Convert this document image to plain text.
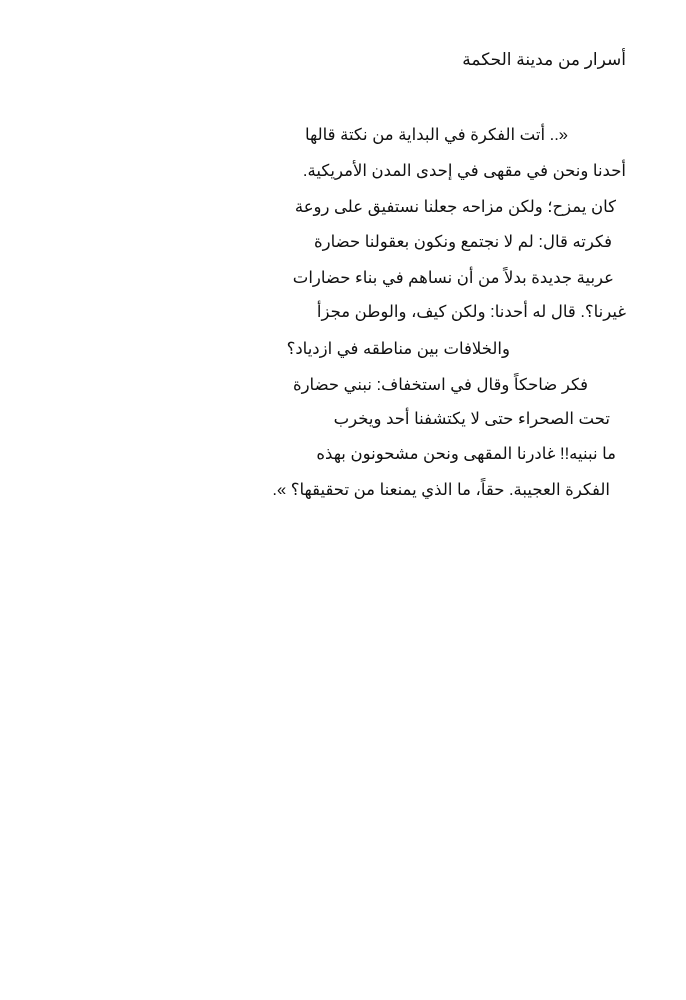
أسرار من مدينة الحكمة
«.. أتت الفكرة في البداية من نكتة قالها
أحدنا ونحن في مقهى في إحدى المدن الأمريكية.
كان يمزح؛ ولكن مزاحه جعلنا نستفيق على روعة
فكرته قال: لم لا نجتمع ونكون بعقولنا حضارة
عربية جديدة بدلاً من أن نساهم في بناء حضارات
غيرنا؟. قال له أحدنا: ولكن كيف، والوطن مجزأ
والخلافات بين مناطقه في ازدياد؟
فكر ضاحكاً وقال في استخفاف: نبني حضارة
تحت الصحراء حتى لا يكتشفنا أحد ويخرب
ما نبنيه!! غادرنا المقهى ونحن مشحونون بهذه
الفكرة العجيبة. حقاً، ما الذي يمنعنا من تحقيقها؟ ».
